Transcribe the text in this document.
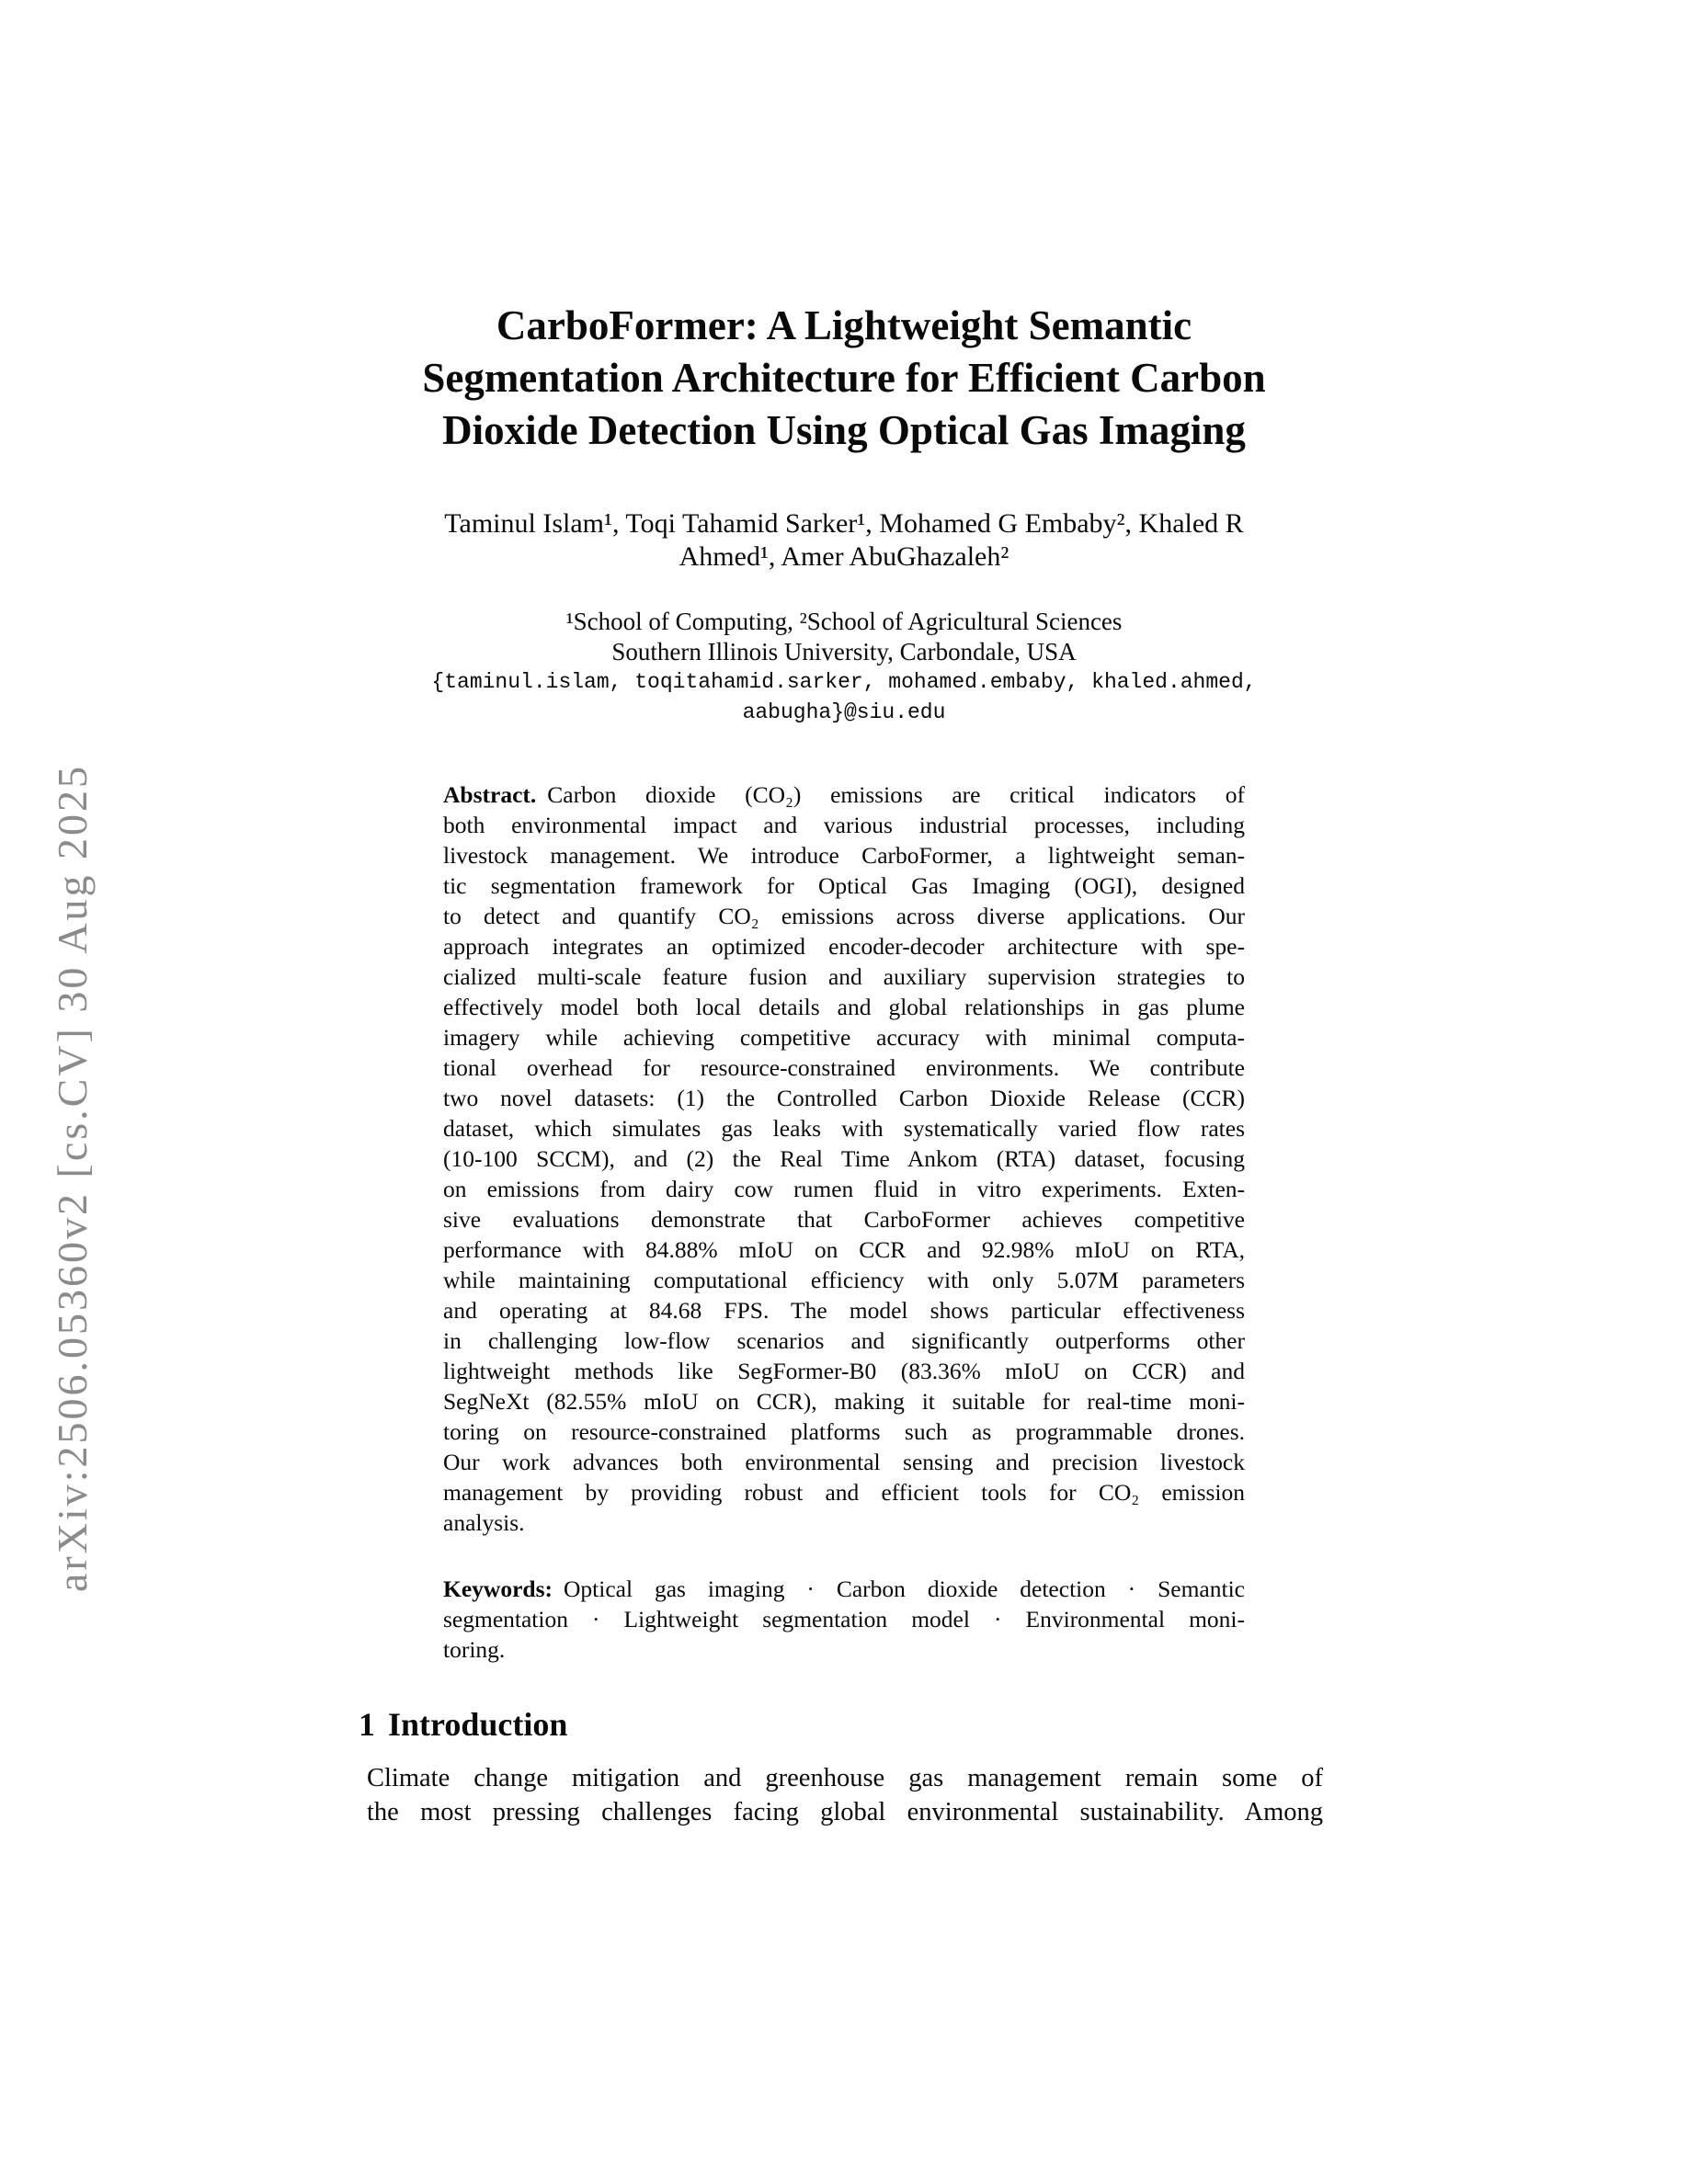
arXiv:2506.05360v2 [cs.CV] 30 Aug 2025
CarboFormer: A Lightweight Semantic
Segmentation Architecture for Efficient Carbon
Dioxide Detection Using Optical Gas Imaging
Taminul Islam¹, Toqi Tahamid Sarker¹, Mohamed G Embaby², Khaled R
Ahmed¹, Amer AbuGhazaleh²
¹School of Computing, ²School of Agricultural Sciences
Southern Illinois University, Carbondale, USA
{taminul.islam, toqitahamid.sarker, mohamed.embaby, khaled.ahmed,
aabugha}@siu.edu
Abstract. Carbon dioxide (CO₂) emissions are critical indicators of
both environmental impact and various industrial processes, including
livestock management. We introduce CarboFormer, a lightweight seman-
tic segmentation framework for Optical Gas Imaging (OGI), designed
to detect and quantify CO₂ emissions across diverse applications. Our
approach integrates an optimized encoder-decoder architecture with spe-
cialized multi-scale feature fusion and auxiliary supervision strategies to
effectively model both local details and global relationships in gas plume
imagery while achieving competitive accuracy with minimal computa-
tional overhead for resource-constrained environments. We contribute
two novel datasets: (1) the Controlled Carbon Dioxide Release (CCR)
dataset, which simulates gas leaks with systematically varied flow rates
(10-100 SCCM), and (2) the Real Time Ankom (RTA) dataset, focusing
on emissions from dairy cow rumen fluid in vitro experiments. Exten-
sive evaluations demonstrate that CarboFormer achieves competitive
performance with 84.88% mIoU on CCR and 92.98% mIoU on RTA,
while maintaining computational efficiency with only 5.07M parameters
and operating at 84.68 FPS. The model shows particular effectiveness
in challenging low-flow scenarios and significantly outperforms other
lightweight methods like SegFormer-B0 (83.36% mIoU on CCR) and
SegNeXt (82.55% mIoU on CCR), making it suitable for real-time moni-
toring on resource-constrained platforms such as programmable drones.
Our work advances both environmental sensing and precision livestock
management by providing robust and efficient tools for CO₂ emission
analysis.
Keywords: Optical gas imaging · Carbon dioxide detection · Semantic
segmentation · Lightweight segmentation model · Environmental moni-
toring.
1 Introduction
Climate change mitigation and greenhouse gas management remain some of
the most pressing challenges facing global environmental sustainability. Among
